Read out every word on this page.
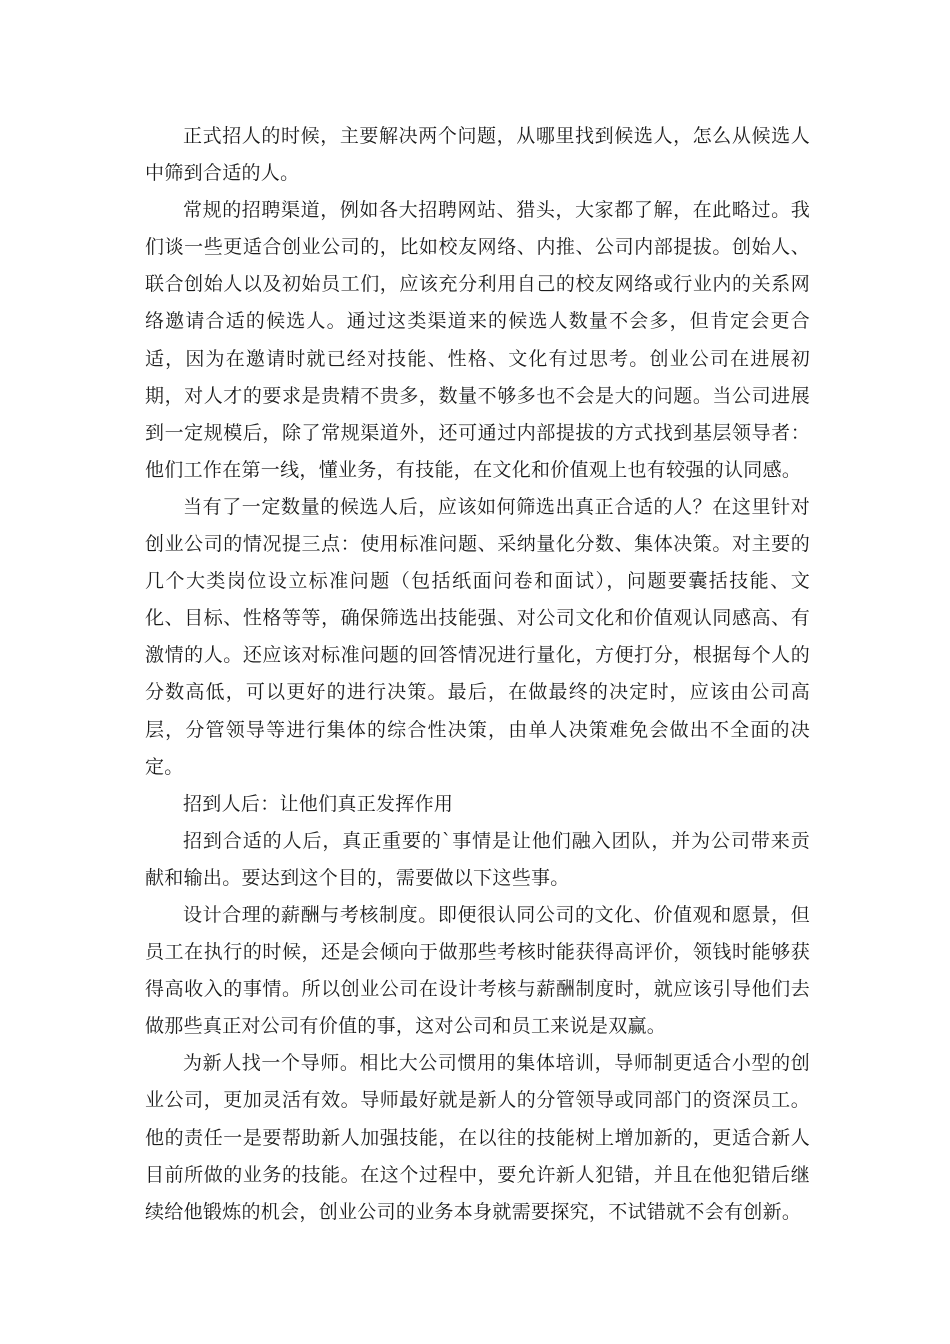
正式招人的时候，主要解决两个问题，从哪里找到候选人，怎么从候选人中筛到合适的人。

常规的招聘渠道，例如各大招聘网站、猎头，大家都了解，在此略过。我们谈一些更适合创业公司的，比如校友网络、内推、公司内部提拔。创始人、联合创始人以及初始员工们，应该充分利用自己的校友网络或行业内的关系网络邀请合适的候选人。通过这类渠道来的候选人数量不会多，但肯定会更合适，因为在邀请时就已经对技能、性格、文化有过思考。创业公司在进展初期，对人才的要求是贵精不贵多，数量不够多也不会是大的问题。当公司进展到一定规模后，除了常规渠道外，还可通过内部提拔的方式找到基层领导者：他们工作在第一线，懂业务，有技能，在文化和价值观上也有较强的认同感。

当有了一定数量的候选人后，应该如何筛选出真正合适的人？在这里针对创业公司的情况提三点：使用标准问题、采纳量化分数、集体决策。对主要的几个大类岗位设立标准问题（包括纸面问卷和面试），问题要囊括技能、文化、目标、性格等等，确保筛选出技能强、对公司文化和价值观认同感高、有激情的人。还应该对标准问题的回答情况进行量化，方便打分，根据每个人的分数高低，可以更好的进行决策。最后，在做最终的决定时，应该由公司高层，分管领导等进行集体的综合性决策，由单人决策难免会做出不全面的决定。

招到人后：让他们真正发挥作用

招到合适的人后，真正重要的`事情是让他们融入团队，并为公司带来贡献和输出。要达到这个目的，需要做以下这些事。

设计合理的薪酬与考核制度。即便很认同公司的文化、价值观和愿景，但员工在执行的时候，还是会倾向于做那些考核时能获得高评价，领钱时能够获得高收入的事情。所以创业公司在设计考核与薪酬制度时，就应该引导他们去做那些真正对公司有价值的事，这对公司和员工来说是双赢。

为新人找一个导师。相比大公司惯用的集体培训，导师制更适合小型的创业公司，更加灵活有效。导师最好就是新人的分管领导或同部门的资深员工。他的责任一是要帮助新人加强技能，在以往的技能树上增加新的，更适合新人目前所做的业务的技能。在这个过程中，要允许新人犯错，并且在他犯错后继续给他锻炼的机会，创业公司的业务本身就需要探究，不试错就不会有创新。
